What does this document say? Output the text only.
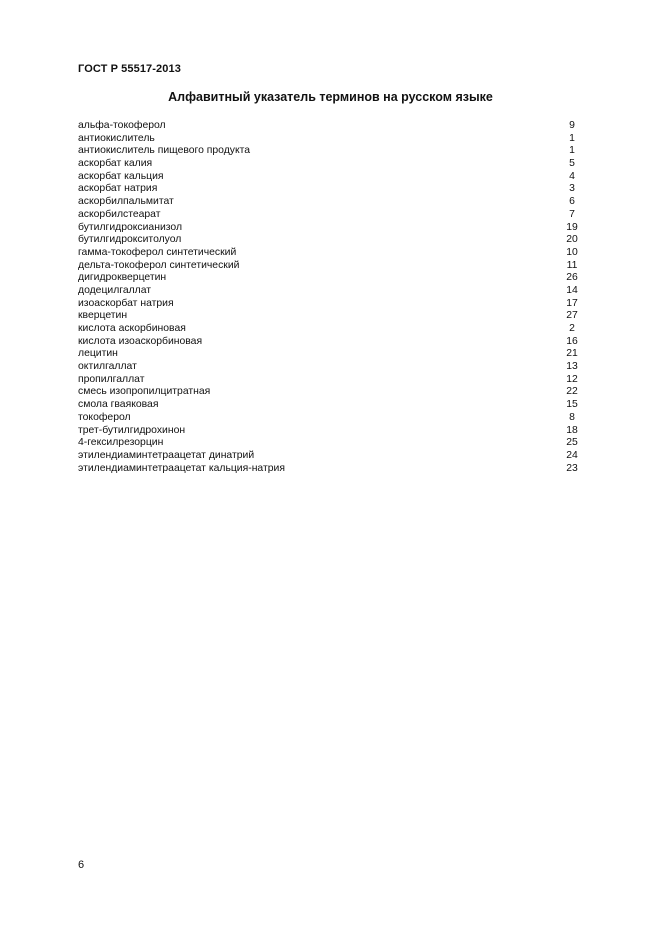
ГОСТ Р 55517-2013
Алфавитный указатель терминов на русском языке
альфа-токоферол	9
антиокислитель	1
антиокислитель пищевого продукта	1
аскорбат калия	5
аскорбат кальция	4
аскорбат натрия	3
аскорбилпальмитат	6
аскорбилстеарат	7
бутилгидроксианизол	19
бутилгидрокситолуол	20
гамма-токоферол синтетический	10
дельта-токоферол синтетический	11
дигидрокверцетин	26
додецилгаллат	14
изоаскорбат натрия	17
кверцетин	27
кислота аскорбиновая	2
кислота изоаскорбиновая	16
лецитин	21
октилгаллат	13
пропилгаллат	12
смесь изопропилцитратная	22
смола гваяковая	15
токоферол	8
трет-бутилгидрохинон	18
4-гексилрезорцин	25
этилендиаминтетраацетат динатрий	24
этилендиаминтетраацетат кальция-натрия	23
6
